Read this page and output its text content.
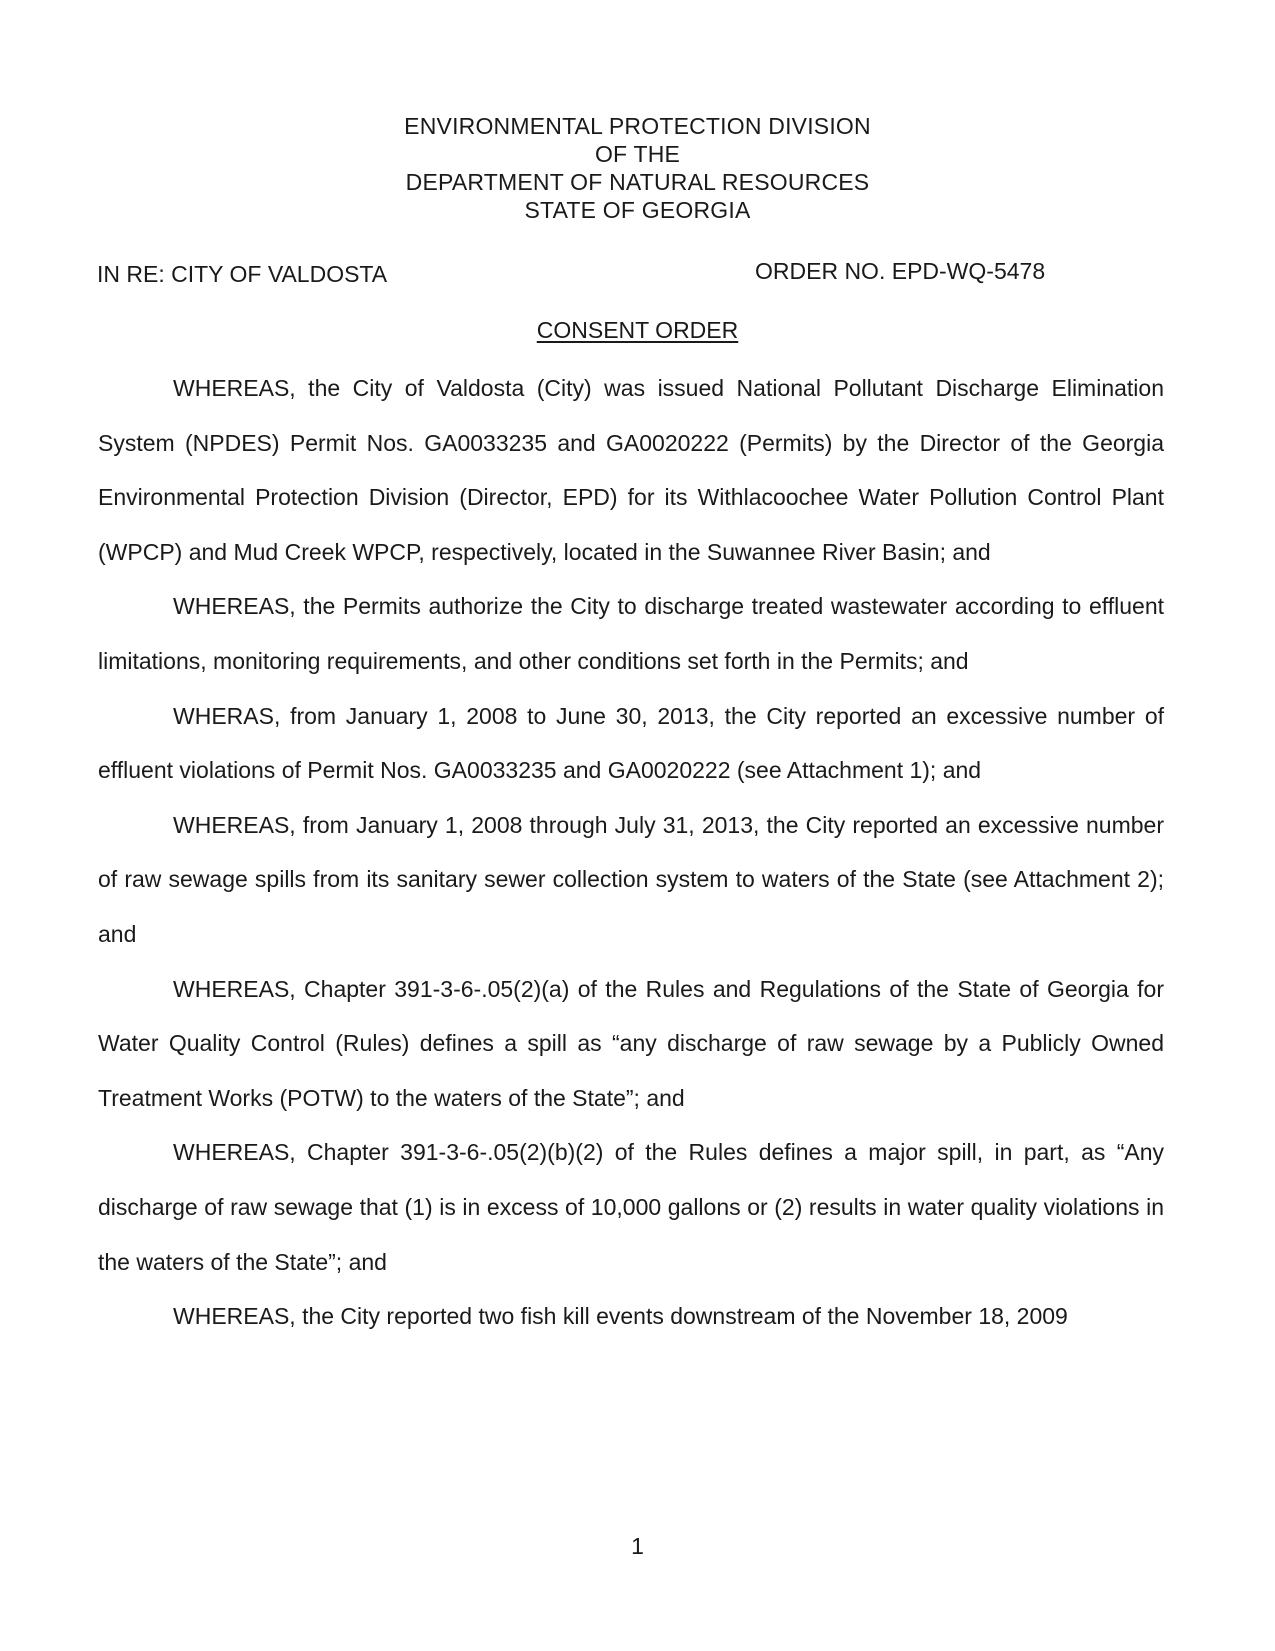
ENVIRONMENTAL PROTECTION DIVISION
OF THE
DEPARTMENT OF NATURAL RESOURCES
STATE OF GEORGIA
IN RE: CITY OF VALDOSTA	ORDER NO. EPD-WQ-5478
CONSENT ORDER

WHEREAS, the City of Valdosta (City) was issued National Pollutant Discharge Elimination System (NPDES) Permit Nos. GA0033235 and GA0020222 (Permits) by the Director of the Georgia Environmental Protection Division (Director, EPD) for its Withlacoochee Water Pollution Control Plant (WPCP) and Mud Creek WPCP, respectively, located in the Suwannee River Basin; and

WHEREAS, the Permits authorize the City to discharge treated wastewater according to effluent limitations, monitoring requirements, and other conditions set forth in the Permits; and

WHERAS, from January 1, 2008 to June 30, 2013, the City reported an excessive number of effluent violations of Permit Nos. GA0033235 and GA0020222 (see Attachment 1); and

WHEREAS, from January 1, 2008 through July 31, 2013, the City reported an excessive number of raw sewage spills from its sanitary sewer collection system to waters of the State (see Attachment 2); and

WHEREAS, Chapter 391-3-6-.05(2)(a) of the Rules and Regulations of the State of Georgia for Water Quality Control (Rules) defines a spill as “any discharge of raw sewage by a Publicly Owned Treatment Works (POTW) to the waters of the State”; and

WHEREAS, Chapter 391-3-6-.05(2)(b)(2) of the Rules defines a major spill, in part, as “Any discharge of raw sewage that (1) is in excess of 10,000 gallons or (2) results in water quality violations in the waters of the State”; and

WHEREAS, the City reported two fish kill events downstream of the November 18, 2009

1
